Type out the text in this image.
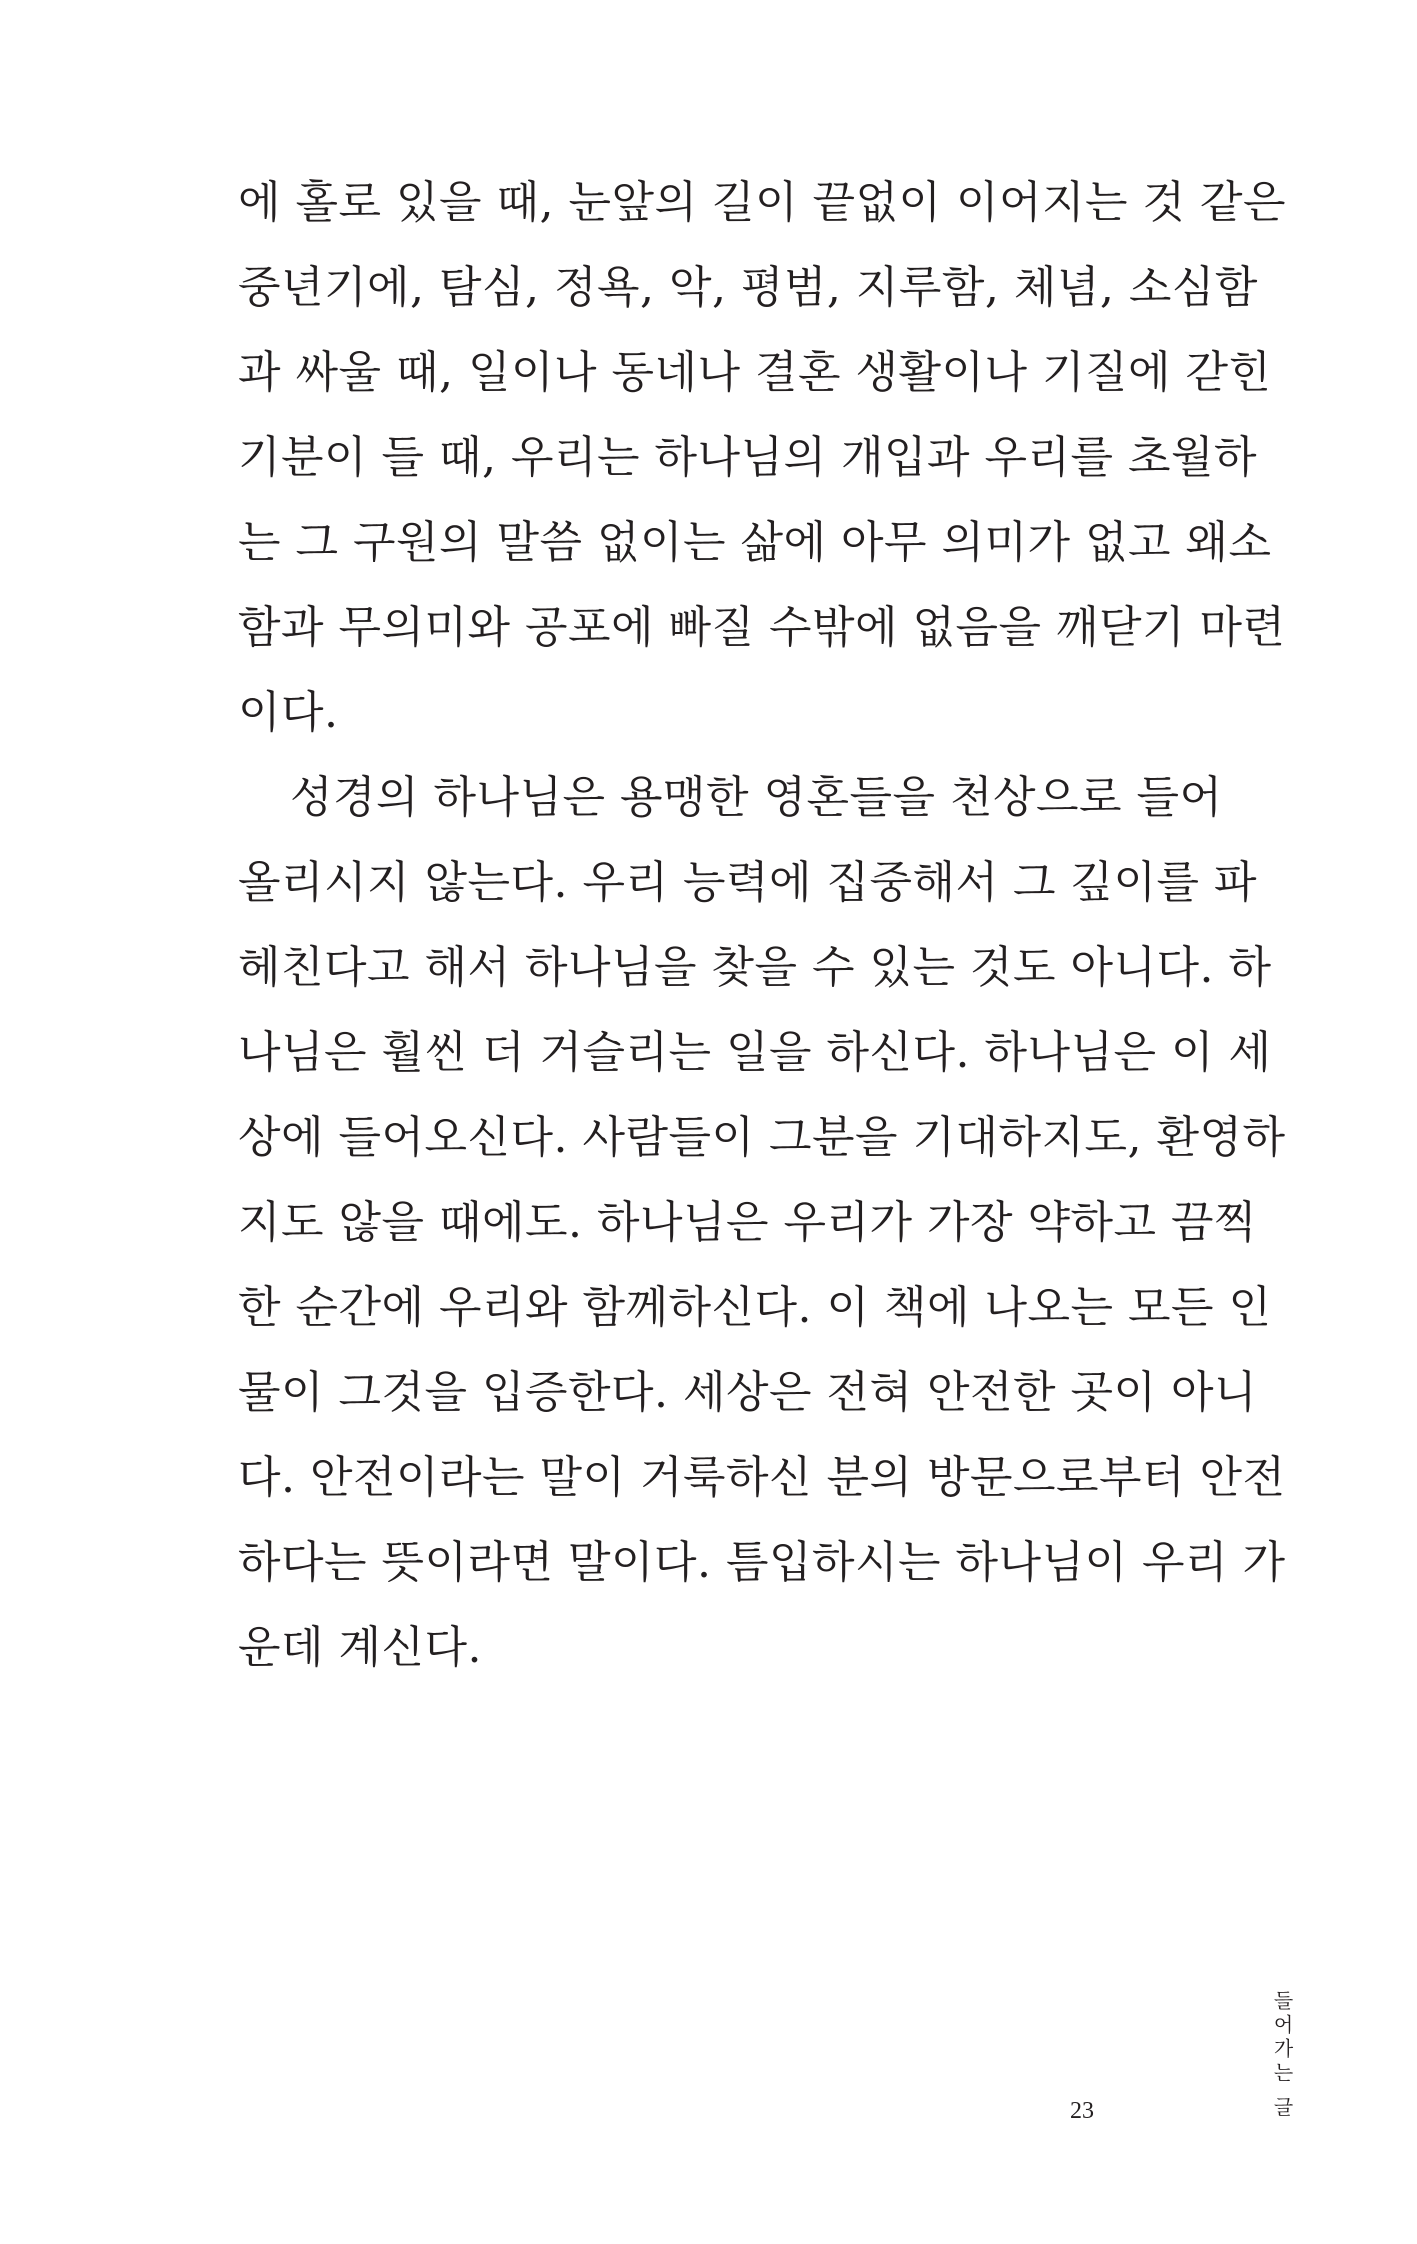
에 홀로 있을 때, 눈앞의 길이 끝없이 이어지는 것 같은
중년기에, 탐심, 정욕, 악, 평범, 지루함, 체념, 소심함
과 싸울 때, 일이나 동네나 결혼 생활이나 기질에 갇힌
기분이 들 때, 우리는 하나님의 개입과 우리를 초월하
는 그 구원의 말씀 없이는 삶에 아무 의미가 없고 왜소
함과 무의미와 공포에 빠질 수밖에 없음을 깨닫기 마련
이다.
성경의 하나님은 용맹한 영혼들을 천상으로 들어
올리시지 않는다. 우리 능력에 집중해서 그 깊이를 파
헤친다고 해서 하나님을 찾을 수 있는 것도 아니다. 하
나님은 훨씬 더 거슬리는 일을 하신다. 하나님은 이 세
상에 들어오신다. 사람들이 그분을 기대하지도, 환영하
지도 않을 때에도. 하나님은 우리가 가장 약하고 끔찍
한 순간에 우리와 함께하신다. 이 책에 나오는 모든 인
물이 그것을 입증한다. 세상은 전혀 안전한 곳이 아니
다. 안전이라는 말이 거룩하신 분의 방문으로부터 안전
하다는 뜻이라면 말이다. 틈입하시는 하나님이 우리 가
운데 계신다.
들어가는 글
23
